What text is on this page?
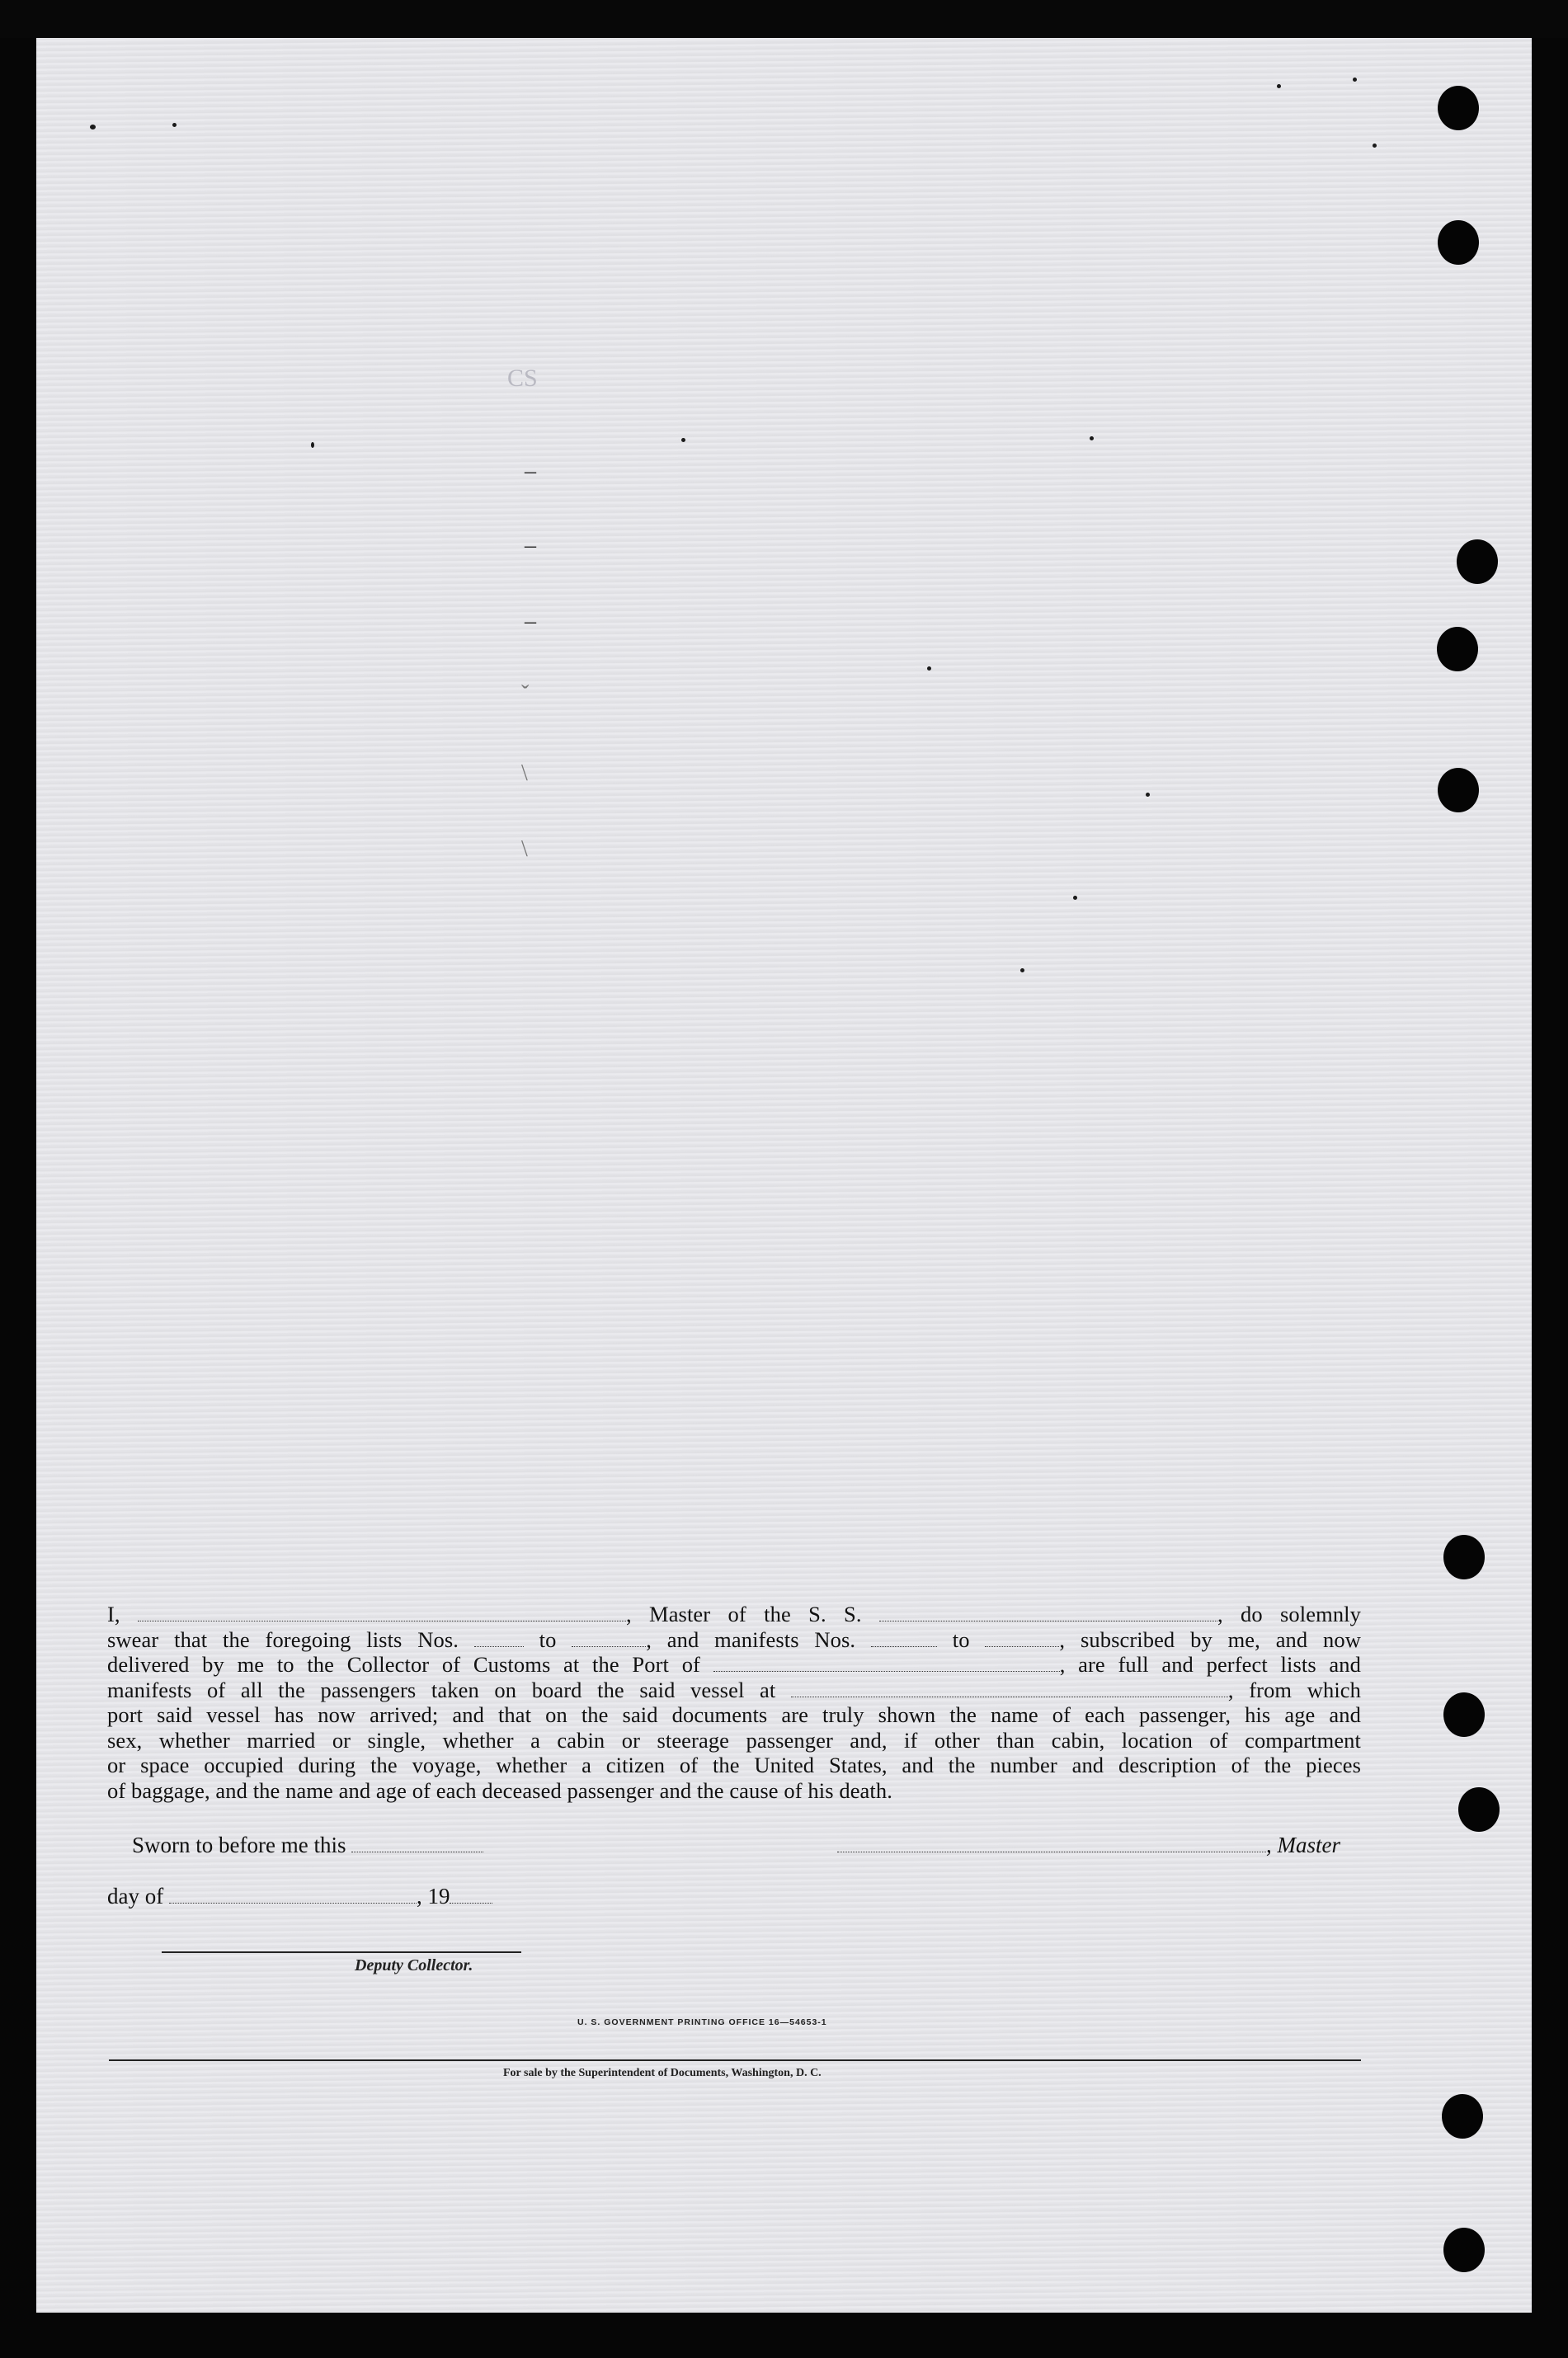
CS
–
–
–
ˇ
\
\
I,	, Master of the S. S.	, do solemnly
swear that the foregoing lists Nos.	to	, and manifests Nos.	to	, subscribed by me, and now
delivered by me to the Collector of Customs at the Port of	, are full and perfect lists and
manifests of all the passengers taken on board the said vessel at	, from which
port said vessel has now arrived; and that on the said documents are truly shown the name of each passenger, his age and
sex, whether married or single, whether a cabin or steerage passenger and, if other than cabin, location of compartment
or space occupied during the voyage, whether a citizen of the United States, and the number and description of the pieces
of baggage, and the name and age of each deceased passenger and the cause of his death.
Sworn to before me this	, Master
day of	, 19
Deputy Collector.
U. S. GOVERNMENT PRINTING OFFICE 16—54653-1
For sale by the Superintendent of Documents, Washington, D. C.
